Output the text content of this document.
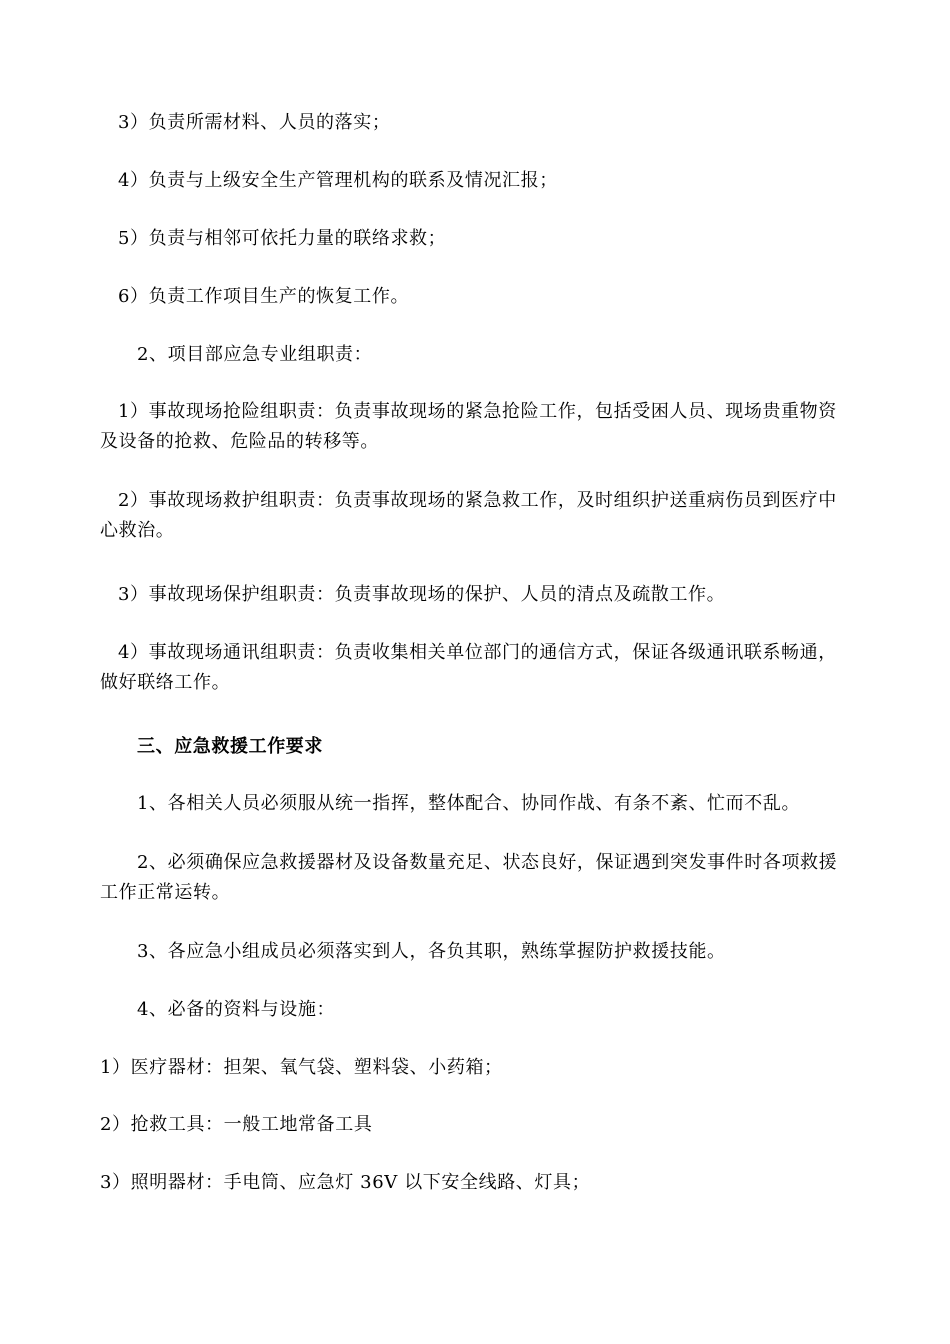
3）负责所需材料、人员的落实；
4）负责与上级安全生产管理机构的联系及情况汇报；
5）负责与相邻可依托力量的联络求救；
6）负责工作项目生产的恢复工作。
2、项目部应急专业组职责：
1）事故现场抢险组职责：负责事故现场的紧急抢险工作，包括受困人员、现场贵重物资
及设备的抢救、危险品的转移等。
2）事故现场救护组职责：负责事故现场的紧急救工作，及时组织护送重病伤员到医疗中
心救治。
3）事故现场保护组职责：负责事故现场的保护、人员的清点及疏散工作。
4）事故现场通讯组职责：负责收集相关单位部门的通信方式，保证各级通讯联系畅通，
做好联络工作。
三、应急救援工作要求
1、各相关人员必须服从统一指挥，整体配合、协同作战、有条不紊、忙而不乱。
2、必须确保应急救援器材及设备数量充足、状态良好，保证遇到突发事件时各项救援
工作正常运转。
3、各应急小组成员必须落实到人，各负其职，熟练掌握防护救援技能。
4、必备的资料与设施：
1）医疗器材：担架、氧气袋、塑料袋、小药箱；
2）抢救工具：一般工地常备工具
3）照明器材：手电筒、应急灯 36V 以下安全线路、灯具；
